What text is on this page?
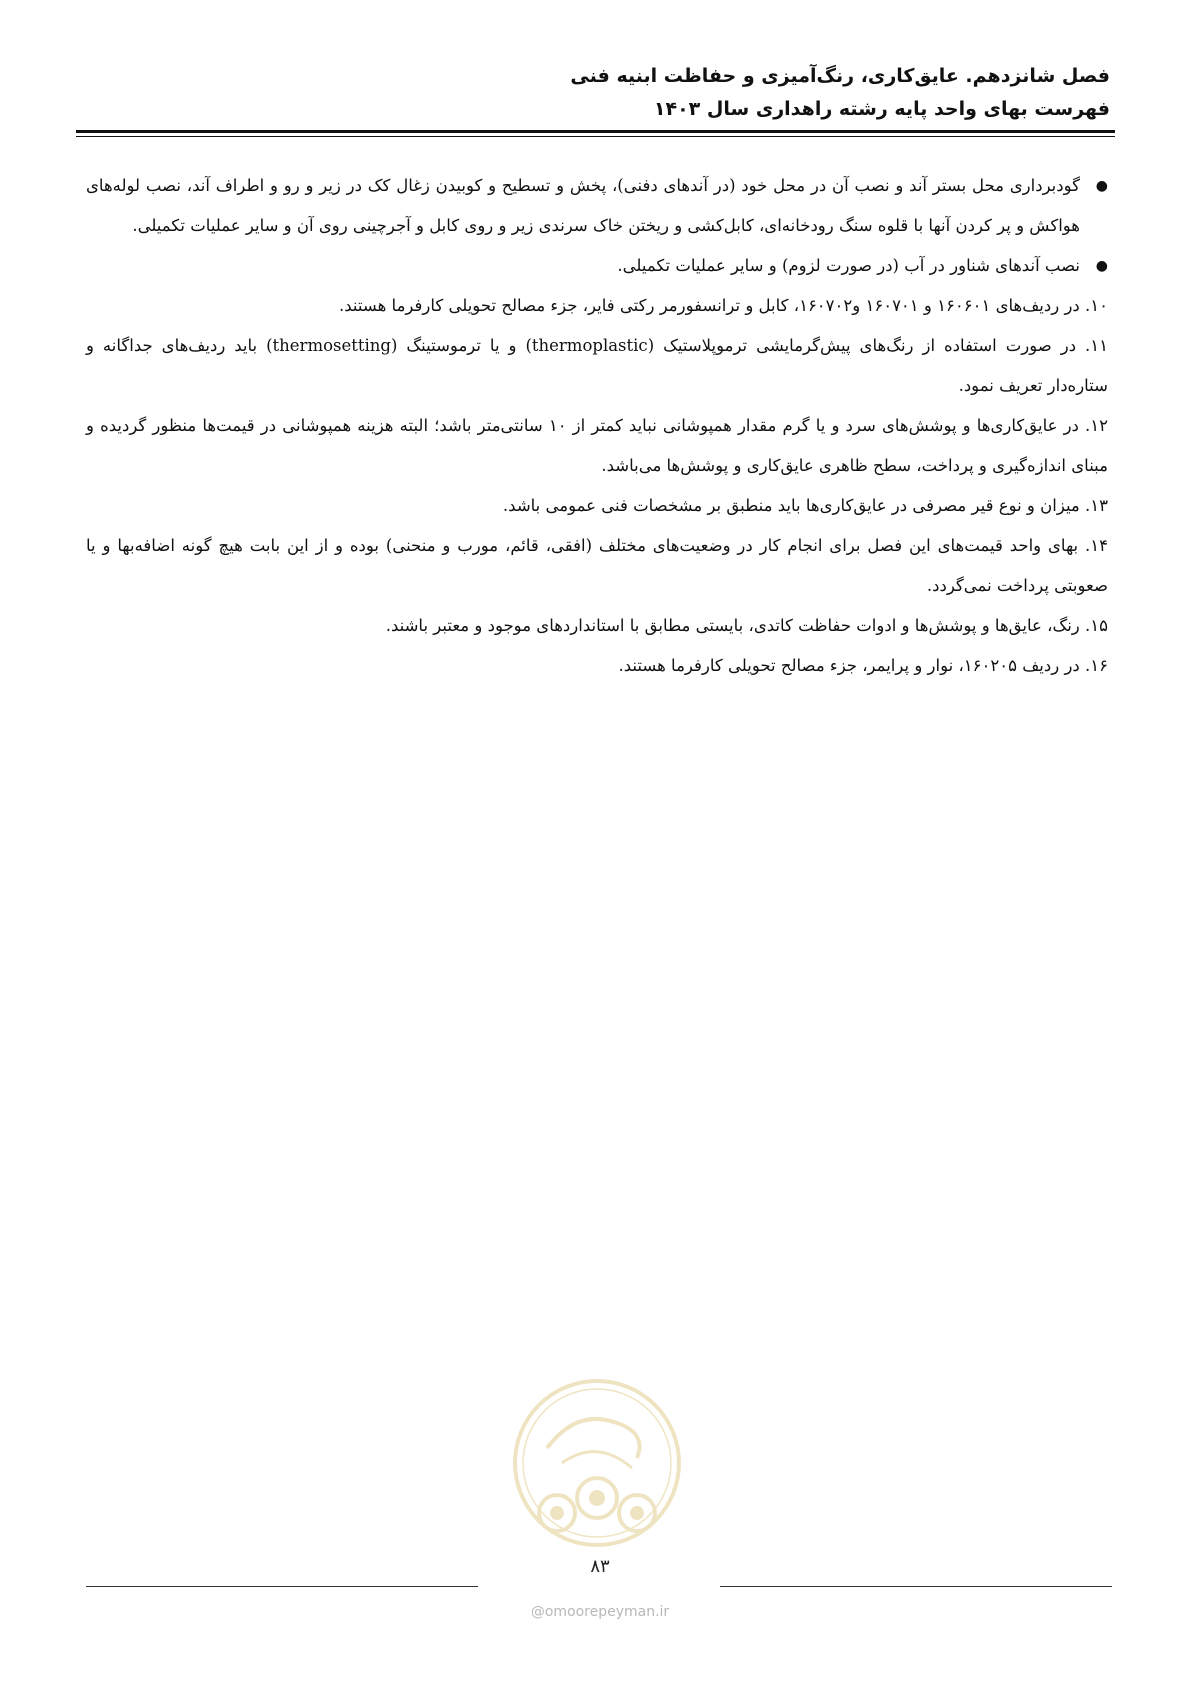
فصل شانزدهم. عایق‌کاری، رنگ‌آمیزی و حفاظت ابنیه فنی
فهرست بهای واحد پایه رشته راهداری سال ۱۴۰۳

●
گودبرداری محل بستر آند و نصب آن در محل خود (در آندهای دفنی)، پخش و تسطیح و کوبیدن زغال کک در زیر و رو و اطراف آند، نصب لوله‌های هواکش و پر کردن آنها با قلوه سنگ رودخانه‌ای، کابل‌کشی و ریختن خاک سرندی زیر و روی کابل و آجرچینی روی آن و سایر عملیات تکمیلی.

●
نصب آندهای شناور در آب (در صورت لزوم) و سایر عملیات تکمیلی.

۱۰. در ردیف‌های ۱۶۰۶۰۱ و ۱۶۰۷۰۱ و۱۶۰۷۰۲، کابل و ترانسفورمر رکتی فایر، جزء مصالح تحویلی کارفرما هستند.

۱۱. در صورت استفاده از رنگ‌های پیش‌گرمایشی ترموپلاستیک (thermoplastic) و یا ترموستینگ (thermosetting) باید ردیف‌های جداگانه و ستاره‌دار تعریف نمود.

۱۲. در عایق‌کاری‌ها و پوشش‌های سرد و یا گرم مقدار همپوشانی نباید کمتر از ۱۰ سانتی‌متر باشد؛ البته هزینه همپوشانی در قیمت‌ها منظور گردیده و مبنای اندازه‌گیری و پرداخت، سطح ظاهری عایق‌کاری و پوشش‌ها می‌باشد.

۱۳. میزان و نوع قیر مصرفی در عایق‌کاری‌ها باید منطبق بر مشخصات فنی عمومی باشد.

۱۴. بهای واحد قیمت‌های این فصل برای انجام کار در وضعیت‌های مختلف (افقی، قائم، مورب و منحنی) بوده و از این بابت هیچ گونه اضافه‌بها و یا صعوبتی پرداخت نمی‌گردد.

۱۵. رنگ، عایق‌ها و پوشش‌ها و ادوات حفاظت کاتدی، بایستی مطابق با استانداردهای موجود و معتبر باشند.

۱۶. در ردیف ۱۶۰۲۰۵، نوار و پرایمر، جزء مصالح تحویلی کارفرما هستند.

۸۳
@omoorepeyman.ir
